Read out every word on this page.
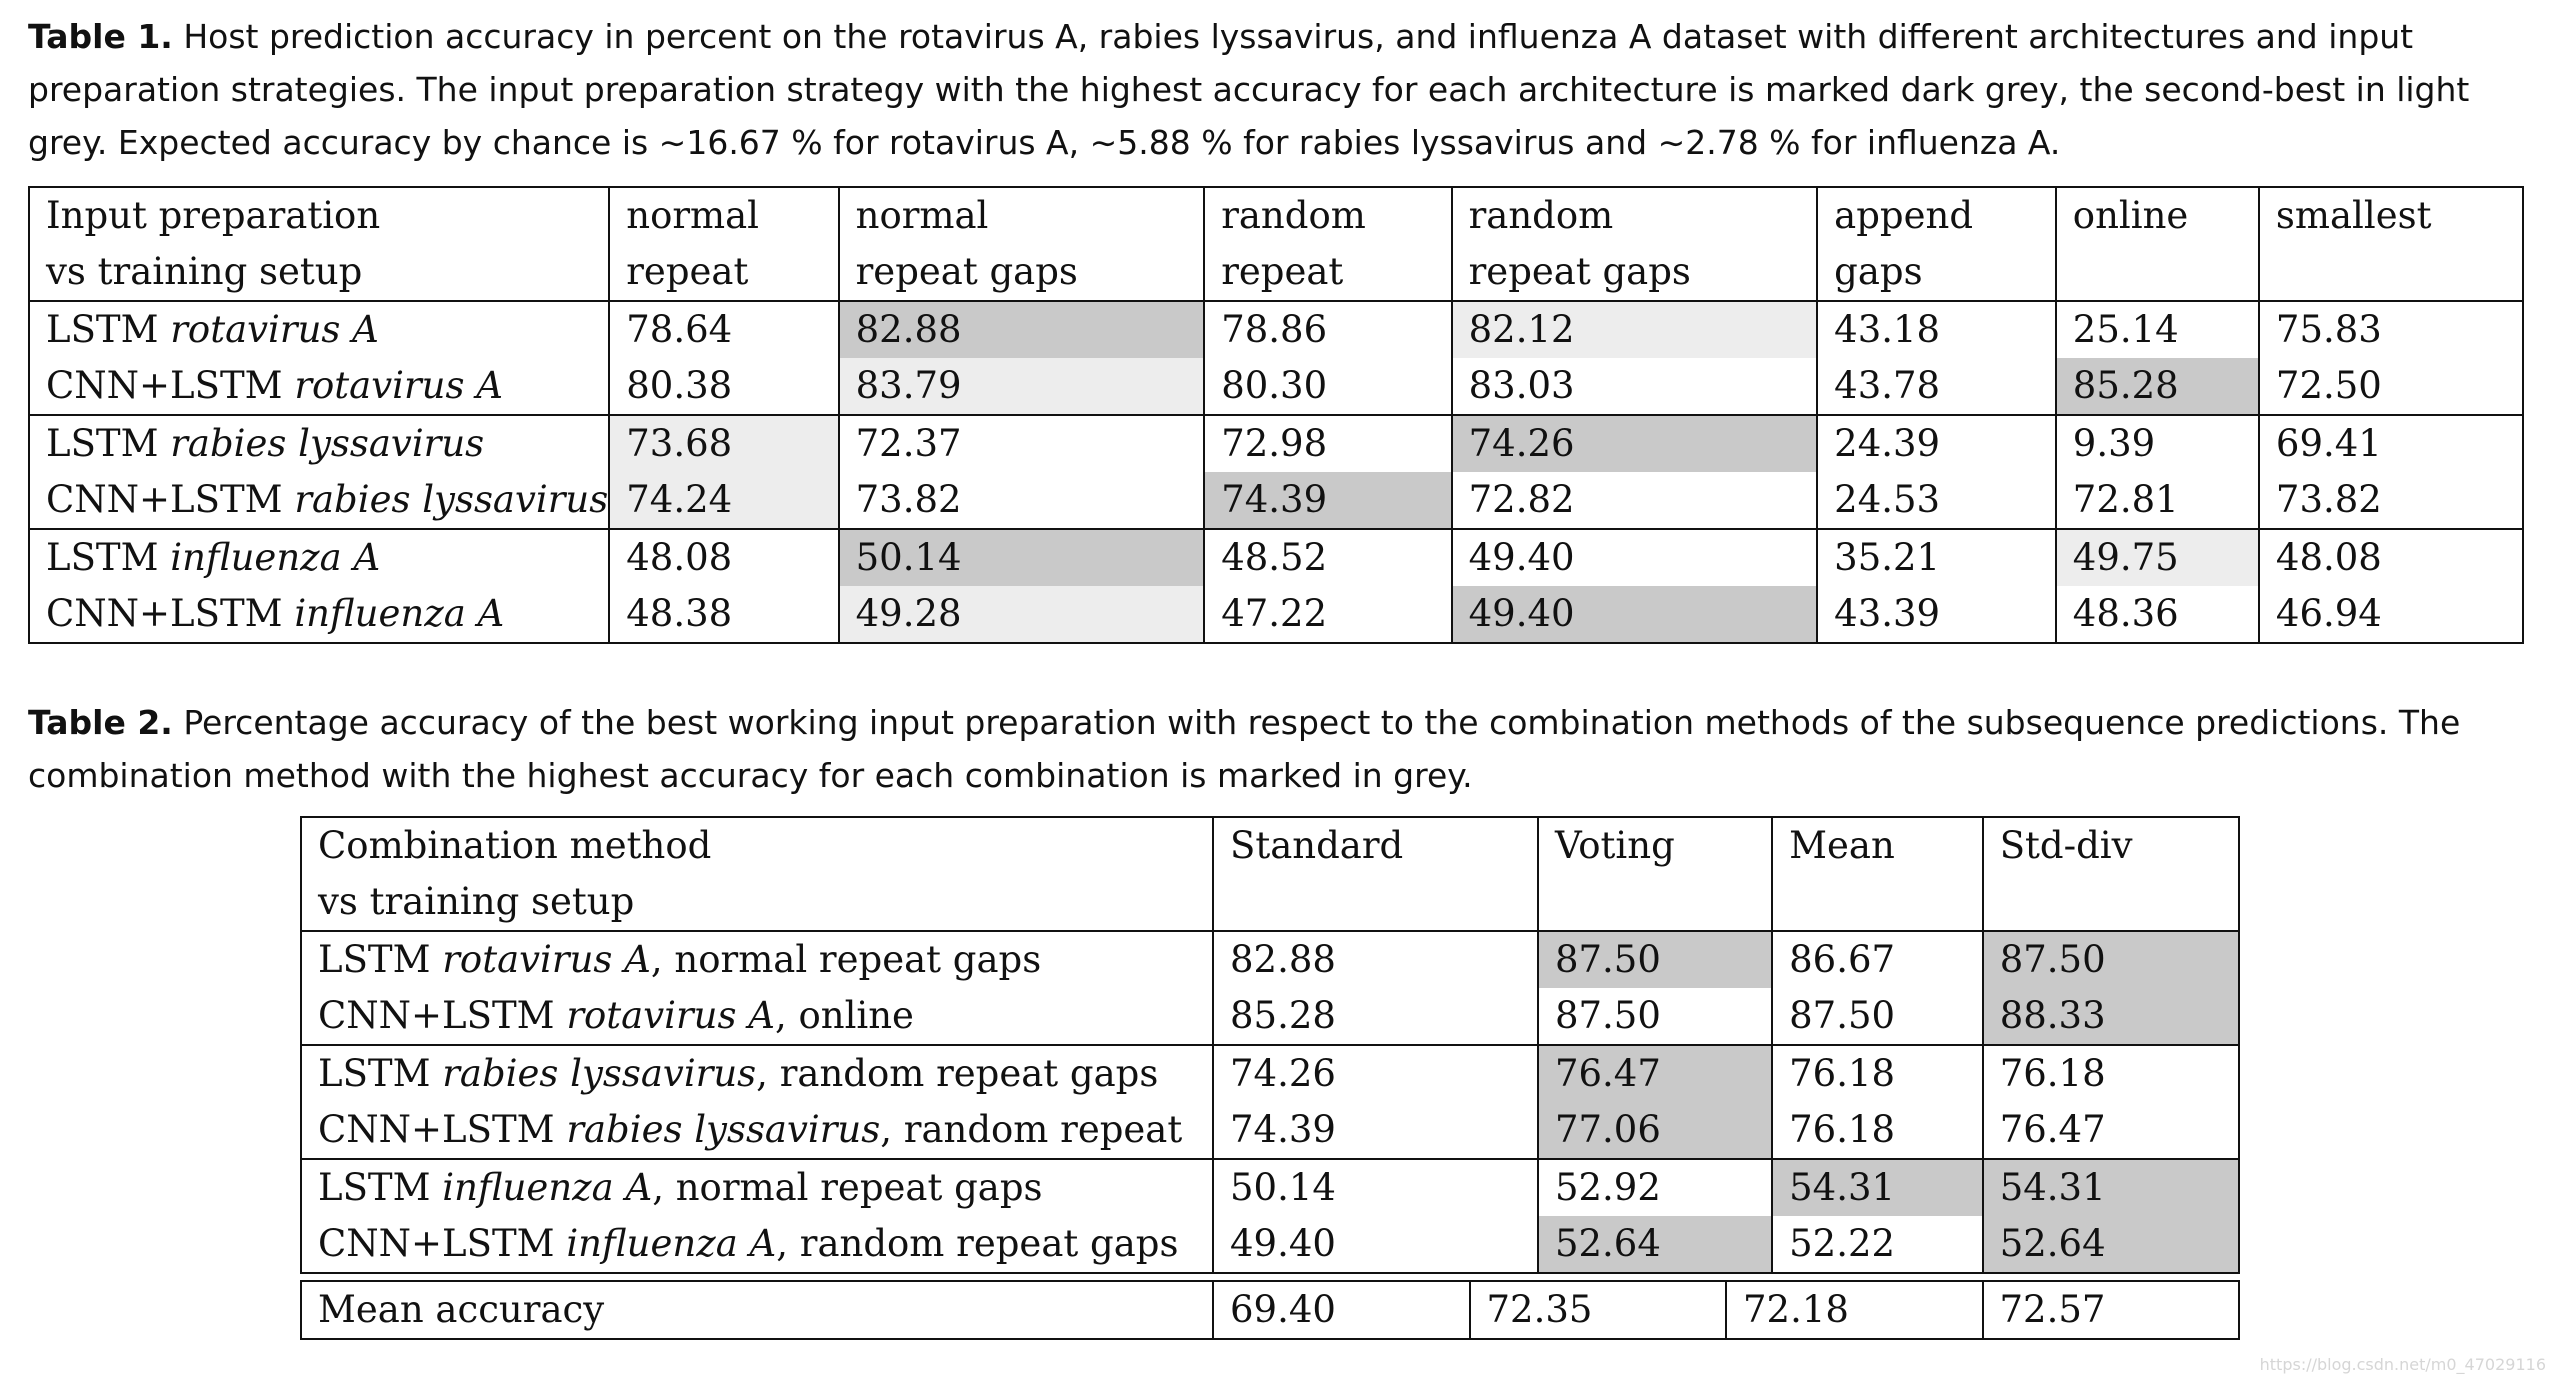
Table 1. Host prediction accuracy in percent on the rotavirus A, rabies lyssavirus, and influenza A dataset with different architectures and input preparation strategies. The input preparation strategy with the highest accuracy for each architecture is marked dark grey, the second-best in light grey. Expected accuracy by chance is ∼16.67 % for rotavirus A, ∼5.88 % for rabies lyssavirus and ∼2.78 % for influenza A.

Input preparation	normal	normal	random	random	append	online	smallest
vs training setup	repeat	repeat gaps	repeat	repeat gaps	gaps		
LSTM rotavirus A	78.64	82.88	78.86	82.12	43.18	25.14	75.83
CNN+LSTM rotavirus A	80.38	83.79	80.30	83.03	43.78	85.28	72.50
LSTM rabies lyssavirus	73.68	72.37	72.98	74.26	24.39	9.39	69.41
CNN+LSTM rabies lyssavirus	74.24	73.82	74.39	72.82	24.53	72.81	73.82
LSTM influenza A	48.08	50.14	48.52	49.40	35.21	49.75	48.08
CNN+LSTM influenza A	48.38	49.28	47.22	49.40	43.39	48.36	46.94

Table 2. Percentage accuracy of the best working input preparation with respect to the combination methods of the subsequence predictions. The combination method with the highest accuracy for each combination is marked in grey.

Combination method	Standard	Voting	Mean	Std-div
vs training setup				
LSTM rotavirus A, normal repeat gaps	82.88	87.50	86.67	87.50
CNN+LSTM rotavirus A, online	85.28	87.50	87.50	88.33
LSTM rabies lyssavirus, random repeat gaps	74.26	76.47	76.18	76.18
CNN+LSTM rabies lyssavirus, random repeat	74.39	77.06	76.18	76.47
LSTM influenza A, normal repeat gaps	50.14	52.92	54.31	54.31
CNN+LSTM influenza A, random repeat gaps	49.40	52.64	52.22	52.64
Mean accuracy	69.40	72.35	72.18	72.57
https://blog.csdn.net/m0_47029116
